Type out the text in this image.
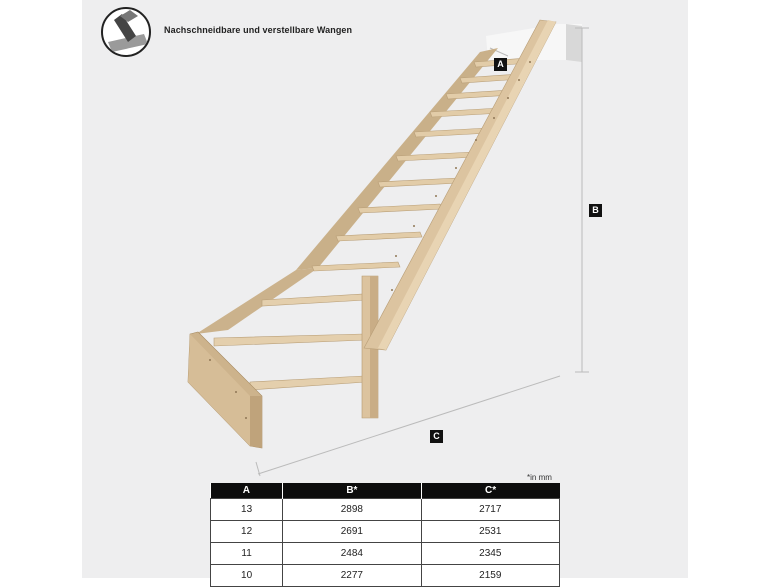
Nachschneidbare und verstellbare Wangen
A
B
C
*in mm
A	B*	C*
13	2898	2717
12	2691	2531
11	2484	2345
10	2277	2159
